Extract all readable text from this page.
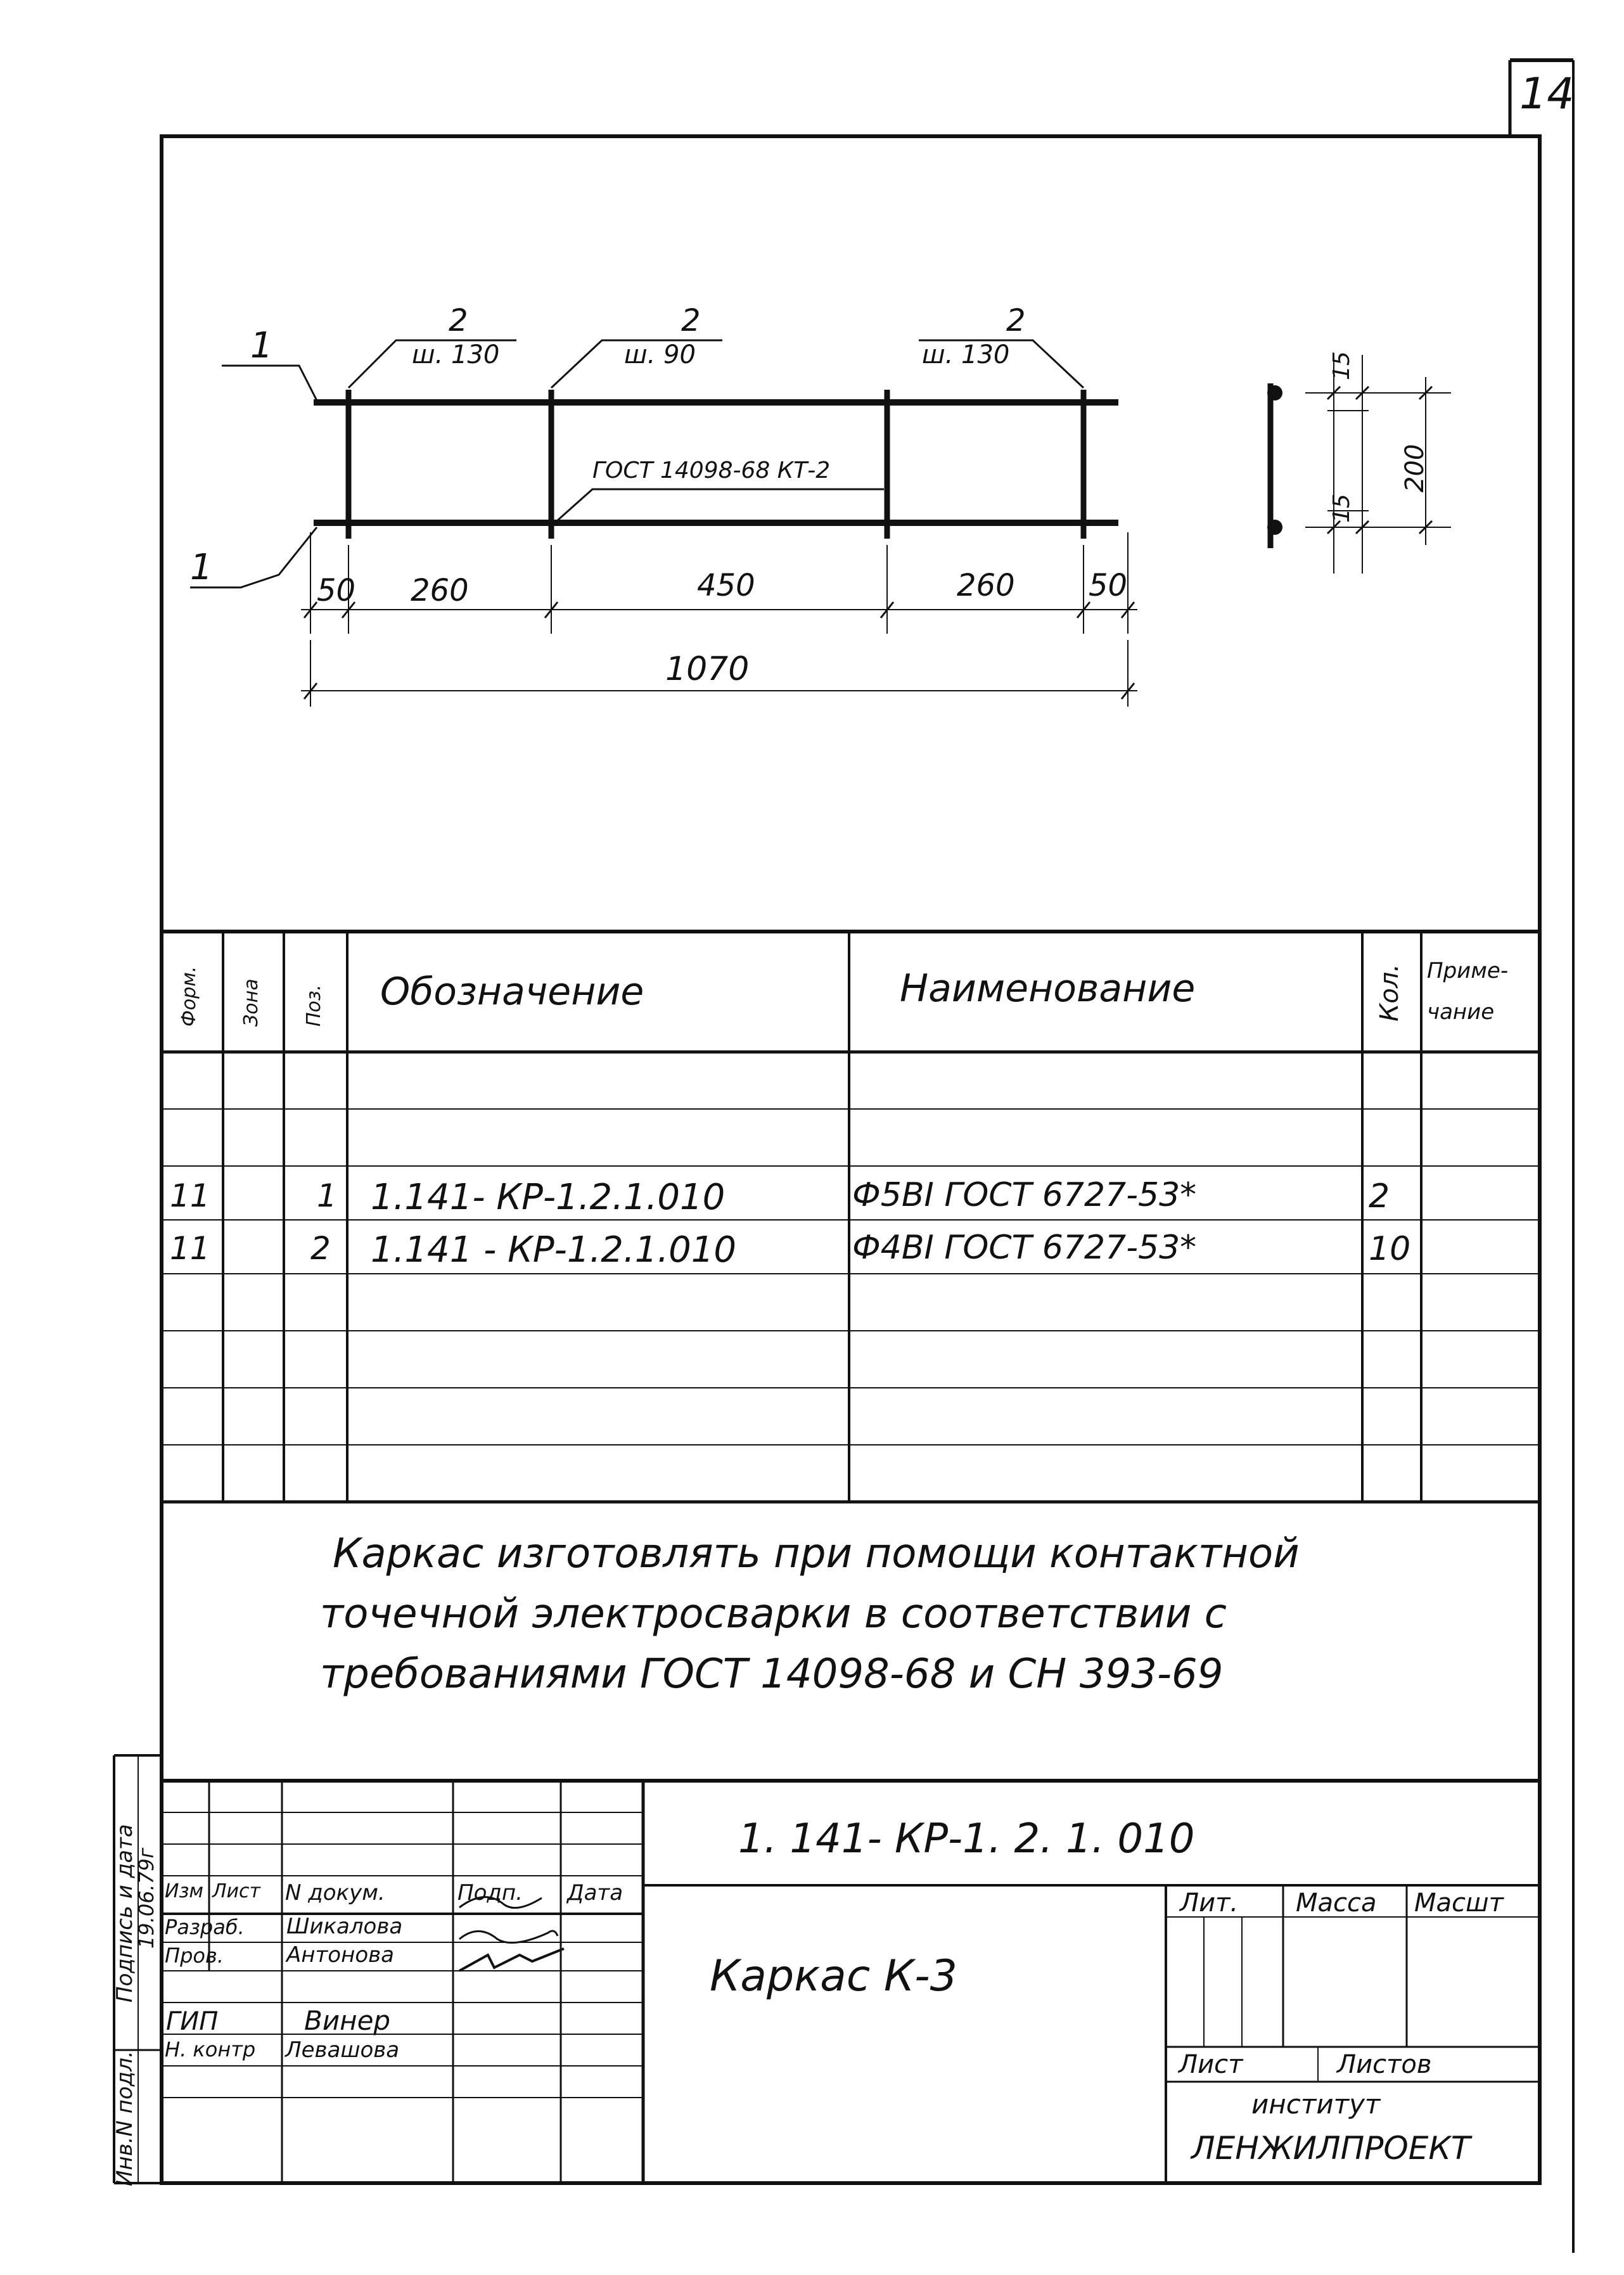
14
1
1
2
ш. 130
2
ш. 90
2
ш. 130
ГОСТ 14098-68 КТ-2
50 260	450	260 50
1070
15
15
200
Форм. Зона Поз. Обозначение	Наименование	Кол. Приме-
чание
11	1 1.141- КР-1.2.1.010	Ф5ВI ГОСТ 6727-53*	2
11	2 1.141 - КР-1.2.1.010	Ф4ВI ГОСТ 6727-53*	10
Каркас изготовлять при помощи контактной
точечной электросварки в соответствии с
требованиями ГОСТ 14098-68 и СН 393-69
Инв.N подл.
Подпись и дата
19.06.79г
1. 141- КР-1. 2. 1. 010
Каркас К-3
Изм Лист N докум.	Подп. Дата
Разраб. Шикалова
Пров.	Антонова
ГИП	Винер
Н. контр Левашова
Лит. Масса Масшт
Лист	Листов
институт
ЛЕНЖИЛПРОЕКТ
